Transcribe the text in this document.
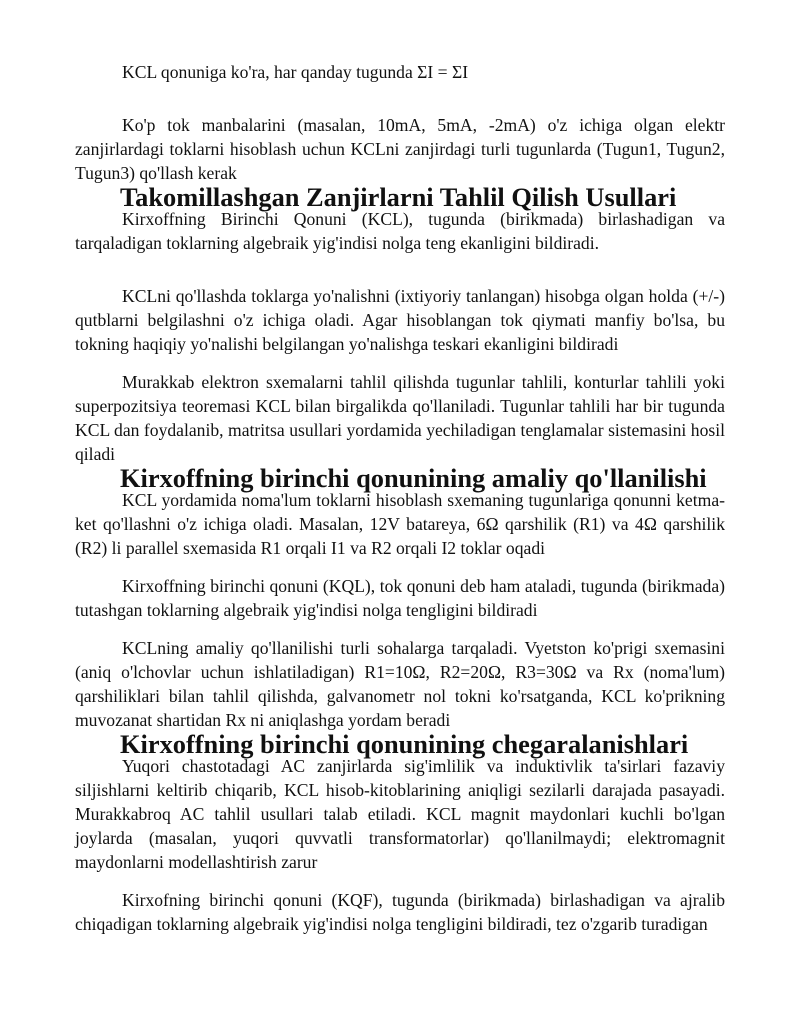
KCL qonuniga ko'ra, har qanday tugunda ΣI = ΣI

Ko'p tok manbalarini (masalan, 10mA, 5mA, -2mA) o'z ichiga olgan elektr zanjirlardagi toklarni hisoblash uchun KCLni zanjirdagi turli tugunlarda (Tugun1, Tugun2, Tugun3) qo'llash kerak

Takomillashgan Zanjirlarni Tahlil Qilish Usullari

Kirxoffning Birinchi Qonuni (KCL), tugunda (birikmada) birlashadigan va tarqaladigan toklarning algebraik yig'indisi nolga teng ekanligini bildiradi.

KCLni qo'llashda toklarga yo'nalishni (ixtiyoriy tanlangan) hisobga olgan holda (+/-) qutblarni belgilashni o'z ichiga oladi. Agar hisoblangan tok qiymati manfiy bo'lsa, bu tokning haqiqiy yo'nalishi belgilangan yo'nalishga teskari ekanligini bildiradi

Murakkab elektron sxemalarni tahlil qilishda tugunlar tahlili, konturlar tahlili yoki superpozitsiya teoremasi KCL bilan birgalikda qo'llaniladi. Tugunlar tahlili har bir tugunda KCL dan foydalanib, matritsa usullari yordamida yechiladigan tenglamalar sistemasini hosil qiladi

Kirxoffning birinchi qonunining amaliy qo'llanilishi

KCL yordamida noma'lum toklarni hisoblash sxemaning tugunlariga qonunni ketma-ket qo'llashni o'z ichiga oladi. Masalan, 12V batareya, 6Ω qarshilik (R1) va 4Ω qarshilik (R2) li parallel sxemasida R1 orqali I1 va R2 orqali I2 toklar oqadi

Kirxoffning birinchi qonuni (KQL), tok qonuni deb ham ataladi, tugunda (birikmada) tutashgan toklarning algebraik yig'indisi nolga tengligini bildiradi

KCLning amaliy qo'llanilishi turli sohalarga tarqaladi. Vyetston ko'prigi sxemasini (aniq o'lchovlar uchun ishlatiladigan) R1=10Ω, R2=20Ω, R3=30Ω va Rx (noma'lum) qarshiliklari bilan tahlil qilishda, galvanometr nol tokni ko'rsatganda, KCL ko'prikning muvozanat shartidan Rx ni aniqlashga yordam beradi

Kirxoffning birinchi qonunining chegaralanishlari

Yuqori chastotadagi AC zanjirlarda sig'imlilik va induktivlik ta'sirlari fazaviy siljishlarni keltirib chiqarib, KCL hisob-kitoblarining aniqligi sezilarli darajada pasayadi. Murakkabroq AC tahlil usullari talab etiladi. KCL magnit maydonlari kuchli bo'lgan joylarda (masalan, yuqori quvvatli transformatorlar) qo'llanilmaydi; elektromagnit maydonlarni modellashtirish zarur

Kirxofning birinchi qonuni (KQF), tugunda (birikmada) birlashadigan va ajralib chiqadigan toklarning algebraik yig'indisi nolga tengligini bildiradi, tez o'zgarib turadigan
